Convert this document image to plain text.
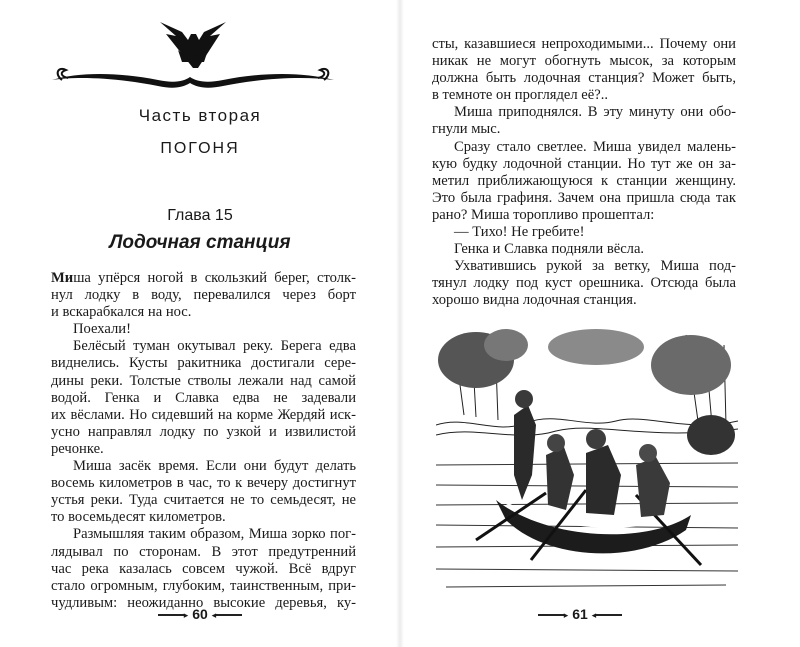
Часть вторая
ПОГОНЯ
Глава 15
Лодочная станция
Миша упёрся ногой в скользкий берег, столк-
нул лодку в воду, перевалился через борт
и вскарабкался на нос.
Поехали!
Белёсый туман окутывал реку. Берега едва
виднелись. Кусты ракитника достигали сере-
дины реки. Толстые стволы лежали над самой
водой. Генка и Славка едва не задевали
их вёслами. Но сидевший на корме Жердяй иск-
усно направлял лодку по узкой и извилистой
речонке.
Миша засёк время. Если они будут делать
восемь километров в час, то к вечеру достигнут
устья реки. Туда считается не то семьдесят, не
то восемьдесят километров.
Размышляя таким образом, Миша зорко пог-
лядывал по сторонам. В этот предутренний
час река казалась совсем чужой. Всё вдруг
стало огромным, глубоким, таинственным, при-
чудливым: неожиданно высокие деревья, ку-
▸ 60 ◂
сты, казавшиеся непроходимыми... Почему они
никак не могут обогнуть мысок, за которым
должна быть лодочная станция? Может быть,
в темноте он проглядел её?..
Миша приподнялся. В эту минуту они обо-
гнули мыс.
Сразу стало светлее. Миша увидел малень-
кую будку лодочной станции. Но тут же он за-
метил приближающуюся к станции женщину.
Это была графиня. Зачем она пришла сюда так
рано? Миша торопливо прошептал:
— Тихо! Не гребите!
Генка и Славка подняли вёсла.
Ухватившись рукой за ветку, Миша под-
тянул лодку под куст орешника. Отсюда была
хорошо видна лодочная станция.
▸ 61 ◂
